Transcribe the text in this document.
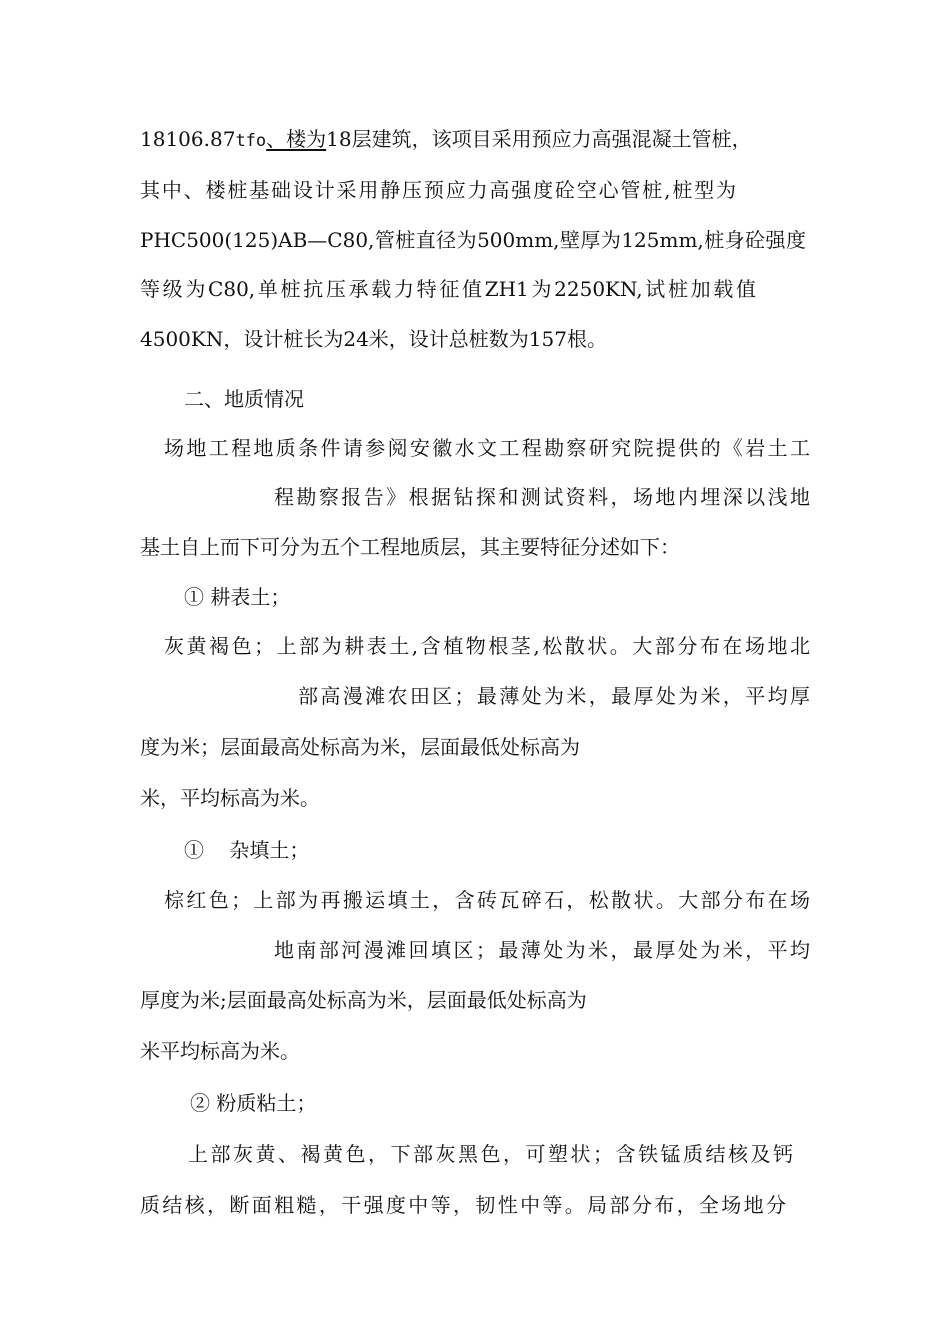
18106.87tfo、楼为18层建筑，该项目采用预应力高强混凝土管桩，
其中、楼桩基础设计采用静压预应力高强度砼空心管桩,桩型为
PHC500(125)AB—C80,管桩直径为500mm,壁厚为125mm,桩身砼强度
等级为C80,单桩抗压承载力特征值ZH1为2250KN,试桩加载值
4500KN，设计桩长为24米，设计总桩数为157根。
二、地质情况
场地工程地质条件请参阅安徽水文工程勘察研究院提供的《岩土工
程勘察报告》根据钻探和测试资料，场地内埋深以浅地
基土自上而下可分为五个工程地质层，其主要特征分述如下：
① 耕表土；
灰黄褐色；上部为耕表土,含植物根茎,松散状。大部分布在场地北
部高漫滩农田区；最薄处为米，最厚处为米，平均厚
度为米；层面最高处标高为米，层面最低处标高为
米，平均标高为米。
①    杂填土；
棕红色；上部为再搬运填土，含砖瓦碎石，松散状。大部分布在场
地南部河漫滩回填区；最薄处为米，最厚处为米，平均
厚度为米;层面最高处标高为米，层面最低处标高为
米平均标高为米。
② 粉质粘土；
上部灰黄、褐黄色，下部灰黑色，可塑状；含铁锰质结核及钙
质结核，断面粗糙，干强度中等，韧性中等。局部分布，全场地分
